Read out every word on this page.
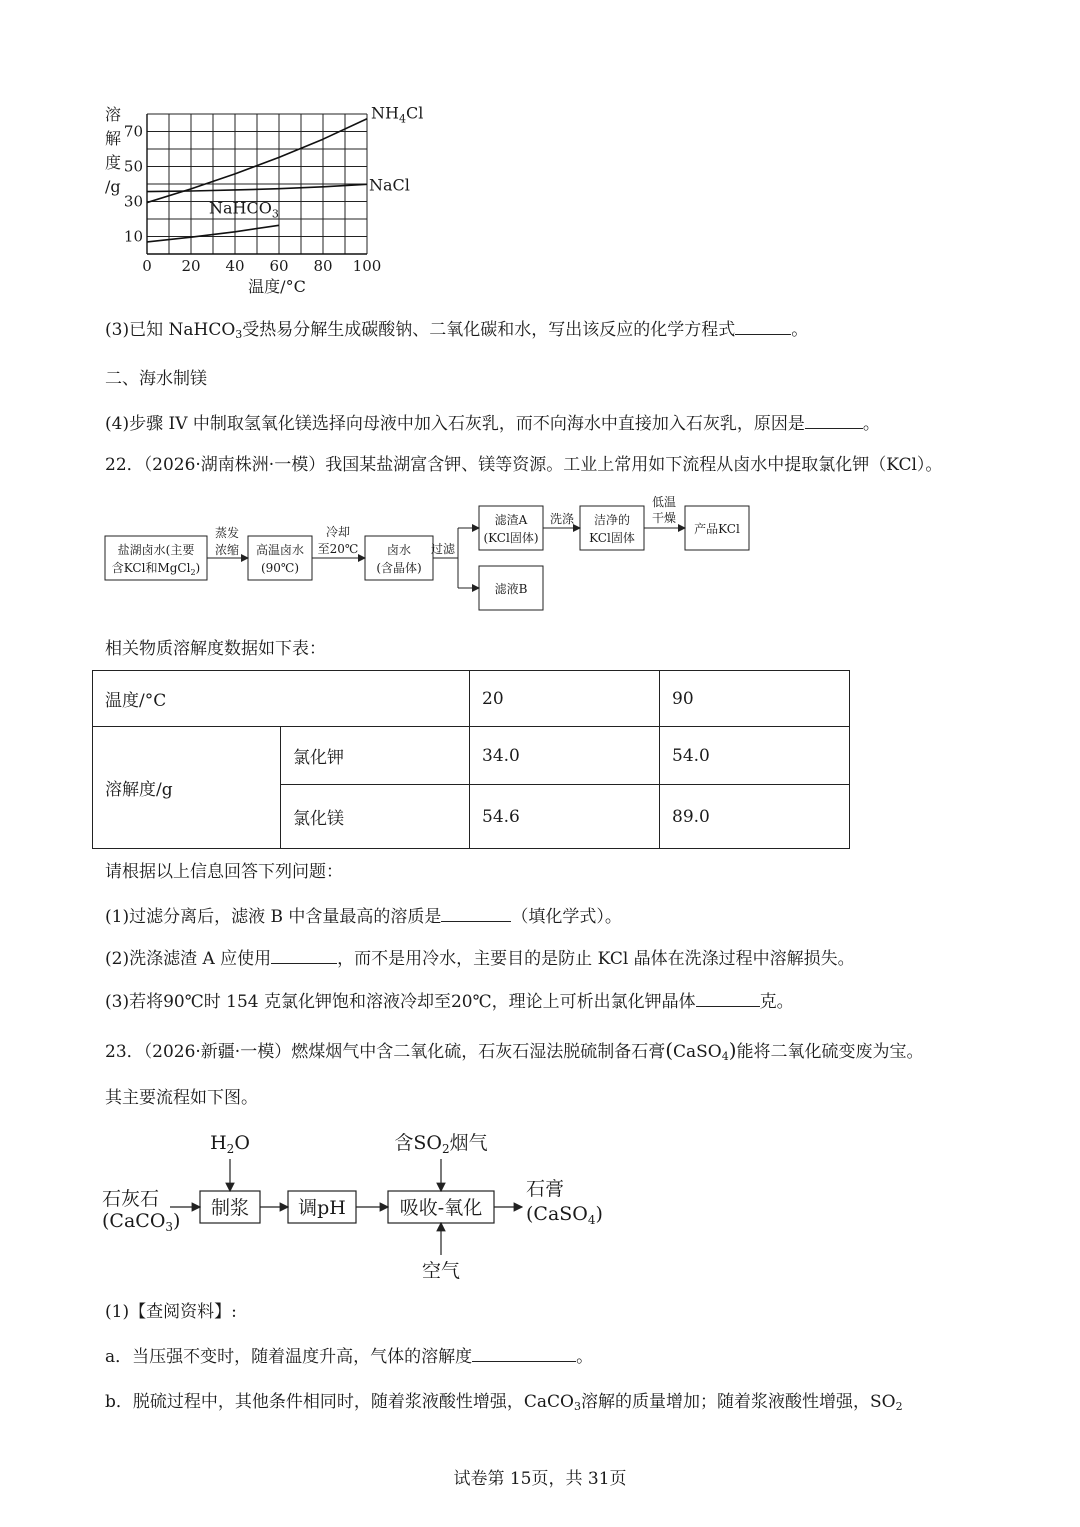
$NH_4Cl$
NaCl
NaHCO$_3$
0 20 40 60 80 100
10
30
50
70
溶
解
度
/g
温度/°C
(3)已知 NaHCO$_3$受热易分解生成碳酸钠、二氧化碳和水，写出该反应的化学方程式	。
二、海水制镁
(4)步骤 IV 中制取氢氧化镁选择向母液中加入石灰乳，而不向海水中直接加入石灰乳，原因是	。
22．（2026·湖南株洲·一模）我国某盐湖富含钾、镁等资源。工业上常用如下流程从卤水中提取氯化钾（KCl）。
盐湖卤水(主要
含KCl和MgCl$_2$)
蒸发
浓缩 高温卤水
(90℃)
冷却
至20℃ 卤水
(含晶体)
过滤
滤渣A
(KCl固体)
洗涤 洁净的
KCl固体
低温
干燥
产品KCl
滤液B
相关物质溶解度数据如下表：
温度/°C		20	90
溶解度/g	氯化钾	34.0	54.0
	氯化镁	54.6	89.0
请根据以上信息回答下列问题：
(1)过滤分离后，滤液 B 中含量最高的溶质是	（填化学式）。
(2)洗涤滤渣 A 应使用	，而不是用冷水，主要目的是防止 KCl 晶体在洗涤过程中溶解损失。
(3)若将90℃时 154 克氯化钾饱和溶液冷却至20℃，理论上可析出氯化钾晶体	克。
23．（2026·新疆·一模）燃煤烟气中含二氧化硫，石灰石湿法脱硫制备石膏(CaSO$_4$)能将二氧化硫变废为宝。
其主要流程如下图。
$H_2O$	含$SO_2$烟气
石灰石
(CaCO$_3$)
制浆	调pH	吸收-氧化
石膏
(CaSO$_4$)
空气
(1)【查阅资料】:
a．当压强不变时，随着温度升高，气体的溶解度	。
b．脱硫过程中，其他条件相同时，随着浆液酸性增强，CaCO$_3$溶解的质量增加；随着浆液酸性增强，$SO_2$
试卷第 15页，共 31页
